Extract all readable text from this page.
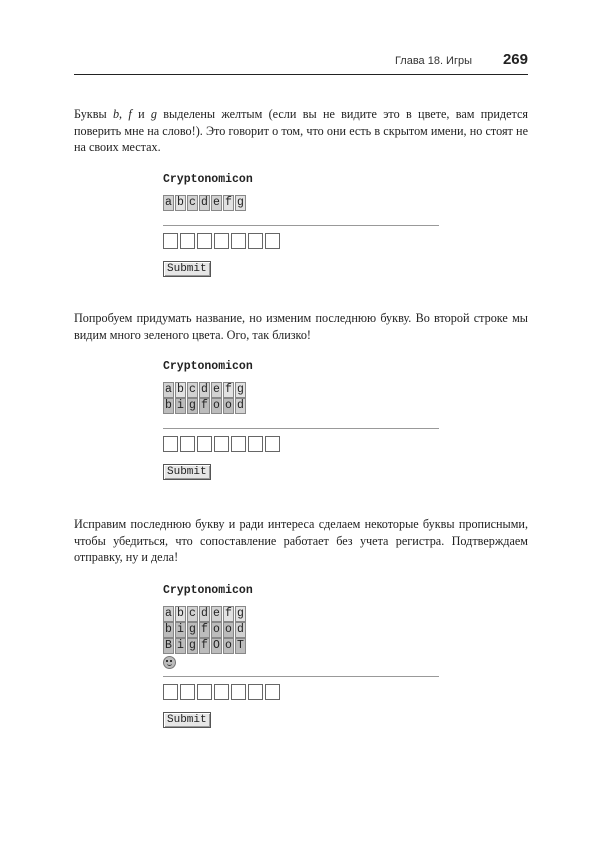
Глава 18. Игры 269

Буквы b, f и g выделены желтым (если вы не видите это в цвете, вам придется поверить мне на слово!). Это говорит о том, что они есть в скрытом имени, но стоят не на своих местах.

Cryptonomicon
a b c d e f g
Submit

Попробуем придумать название, но изменим последнюю букву. Во второй строке мы видим много зеленого цвета. Ого, так близко!

Cryptonomicon
a b c d e f g
b i g f o o d
Submit

Исправим последнюю букву и ради интереса сделаем некоторые буквы прописными, чтобы убедиться, что сопоставление работает без учета регистра. Подтверждаем отправку, ну и дела!

Cryptonomicon
a b c d e f g
b i g f o o d
B i g f O o T
Submit
